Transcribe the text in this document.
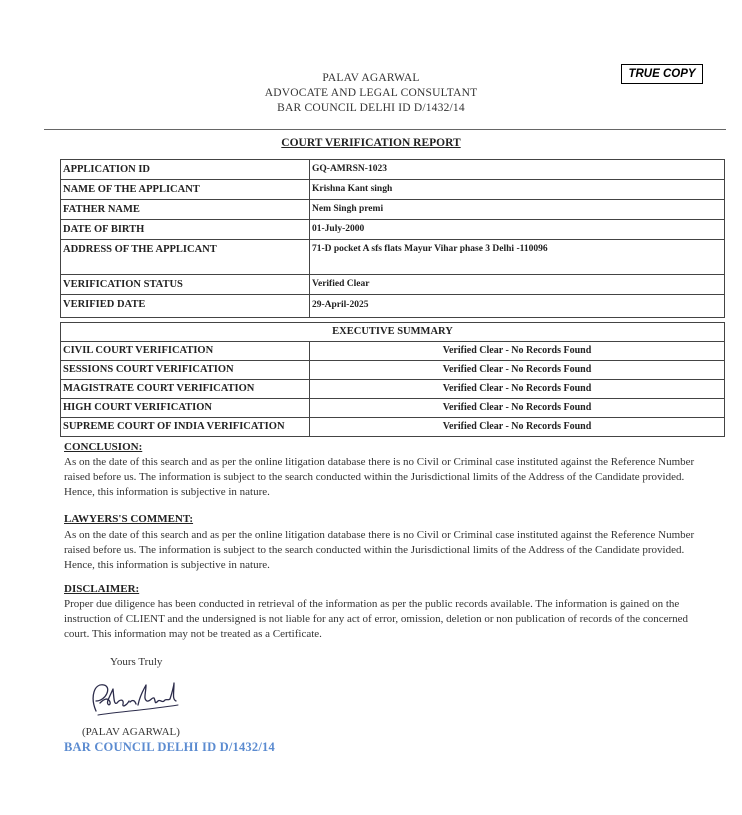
PALAV AGARWAL
ADVOCATE AND LEGAL CONSULTANT
BAR COUNCIL DELHI ID D/1432/14
TRUE COPY
COURT VERIFICATION REPORT
APPLICATION ID	GQ-AMRSN-1023
NAME OF THE APPLICANT	Krishna Kant singh
FATHER NAME	Nem Singh premi
DATE OF BIRTH	01-July-2000
ADDRESS OF THE APPLICANT	71-D pocket A sfs flats Mayur Vihar phase 3 Delhi -110096
VERIFICATION STATUS	Verified Clear
VERIFIED DATE	29-April-2025
EXECUTIVE SUMMARY	
CIVIL COURT VERIFICATION	Verified Clear - No Records Found
SESSIONS COURT VERIFICATION	Verified Clear - No Records Found
MAGISTRATE COURT VERIFICATION	Verified Clear - No Records Found
HIGH COURT VERIFICATION	Verified Clear - No Records Found
SUPREME COURT OF INDIA VERIFICATION	Verified Clear - No Records Found
CONCLUSION:
As on the date of this search and as per the online litigation database there is no Civil or Criminal case instituted against the Reference Number raised before us. The information is subject to the search conducted within the Jurisdictional limits of the Address of the Candidate provided. Hence, this information is subjective in nature.
LAWYERS'S COMMENT:
As on the date of this search and as per the online litigation database there is no Civil or Criminal case instituted against the Reference Number raised before us. The information is subject to the search conducted within the Jurisdictional limits of the Address of the Candidate provided. Hence, this information is subjective in nature.
DISCLAIMER:
Proper due diligence has been conducted in retrieval of the information as per the public records available. The information is gained on the instruction of CLIENT and the undersigned is not liable for any act of error, omission, deletion or non publication of records of the concerned court. This information may not be treated as a Certificate.
Yours Truly
(PALAV AGARWAL)
BAR COUNCIL DELHI ID D/1432/14
